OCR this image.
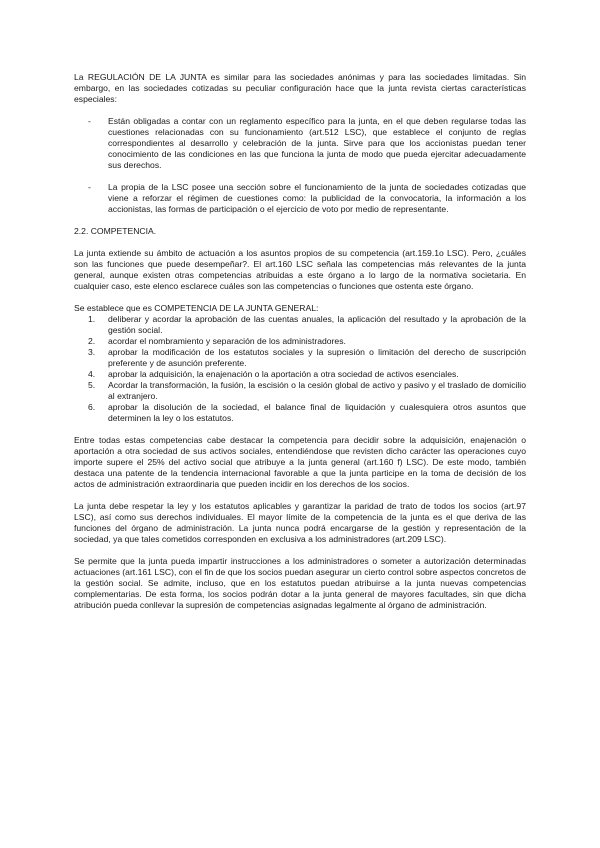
La REGULACIÓN DE LA JUNTA es similar para las sociedades anónimas y para las sociedades limitadas. Sin embargo, en las sociedades cotizadas su peculiar configuración hace que la junta revista ciertas características especiales:

- Están obligadas a contar con un reglamento específico para la junta, en el que deben regularse todas las cuestiones relacionadas con su funcionamiento (art.512 LSC), que establece el conjunto de reglas correspondientes al desarrollo y celebración de la junta. Sirve para que los accionistas puedan tener conocimiento de las condiciones en las que funciona la junta de modo que pueda ejercitar adecuadamente sus derechos.
- La propia de la LSC posee una sección sobre el funcionamiento de la junta de sociedades cotizadas que viene a reforzar el régimen de cuestiones como: la publicidad de la convocatoria, la información a los accionistas, las formas de participación o el ejercicio de voto por medio de representante.

2.2. COMPETENCIA.

La junta extiende su ámbito de actuación a los asuntos propios de su competencia (art.159.1o LSC). Pero, ¿cuáles son las funciones que puede desempeñar?. El art.160 LSC señala las competencias más relevantes de la junta general, aunque existen otras competencias atribuidas a este órgano a lo largo de la normativa societaria. En cualquier caso, este elenco esclarece cuáles son las competencias o funciones que ostenta este órgano.

Se establece que es COMPETENCIA DE LA JUNTA GENERAL:

1. deliberar y acordar la aprobación de las cuentas anuales, la aplicación del resultado y la aprobación de la gestión social.
2. acordar el nombramiento y separación de los administradores.
3. aprobar la modificación de los estatutos sociales y la supresión o limitación del derecho de suscripción preferente y de asunción preferente.
4. aprobar la adquisición, la enajenación o la aportación a otra sociedad de activos esenciales.
5. Acordar la transformación, la fusión, la escisión o la cesión global de activo y pasivo y el traslado de domicilio al extranjero.
6. aprobar la disolución de la sociedad, el balance final de liquidación y cualesquiera otros asuntos que determinen la ley o los estatutos.

Entre todas estas competencias cabe destacar la competencia para decidir sobre la adquisición, enajenación o aportación a otra sociedad de sus activos sociales, entendiéndose que revisten dicho carácter las operaciones cuyo importe supere el 25% del activo social que atribuye a la junta general (art.160 f) LSC). De este modo, también destaca una patente de la tendencia internacional favorable a que la junta participe en la toma de decisión de los actos de administración extraordinaria que pueden incidir en los derechos de los socios.

La junta debe respetar la ley y los estatutos aplicables y garantizar la paridad de trato de todos los socios (art.97 LSC), así como sus derechos individuales. El mayor límite de la competencia de la junta es el que deriva de las funciones del órgano de administración. La junta nunca podrá encargarse de la gestión y representación de la sociedad, ya que tales cometidos corresponden en exclusiva a los administradores (art.209 LSC).

Se permite que la junta pueda impartir instrucciones a los administradores o someter a autorización determinadas actuaciones (art.161 LSC), con el fin de que los socios puedan asegurar un cierto control sobre aspectos concretos de la gestión social. Se admite, incluso, que en los estatutos puedan atribuirse a la junta nuevas competencias complementarias. De esta forma, los socios podrán dotar a la junta general de mayores facultades, sin que dicha atribución pueda conllevar la supresión de competencias asignadas legalmente al órgano de administración.
